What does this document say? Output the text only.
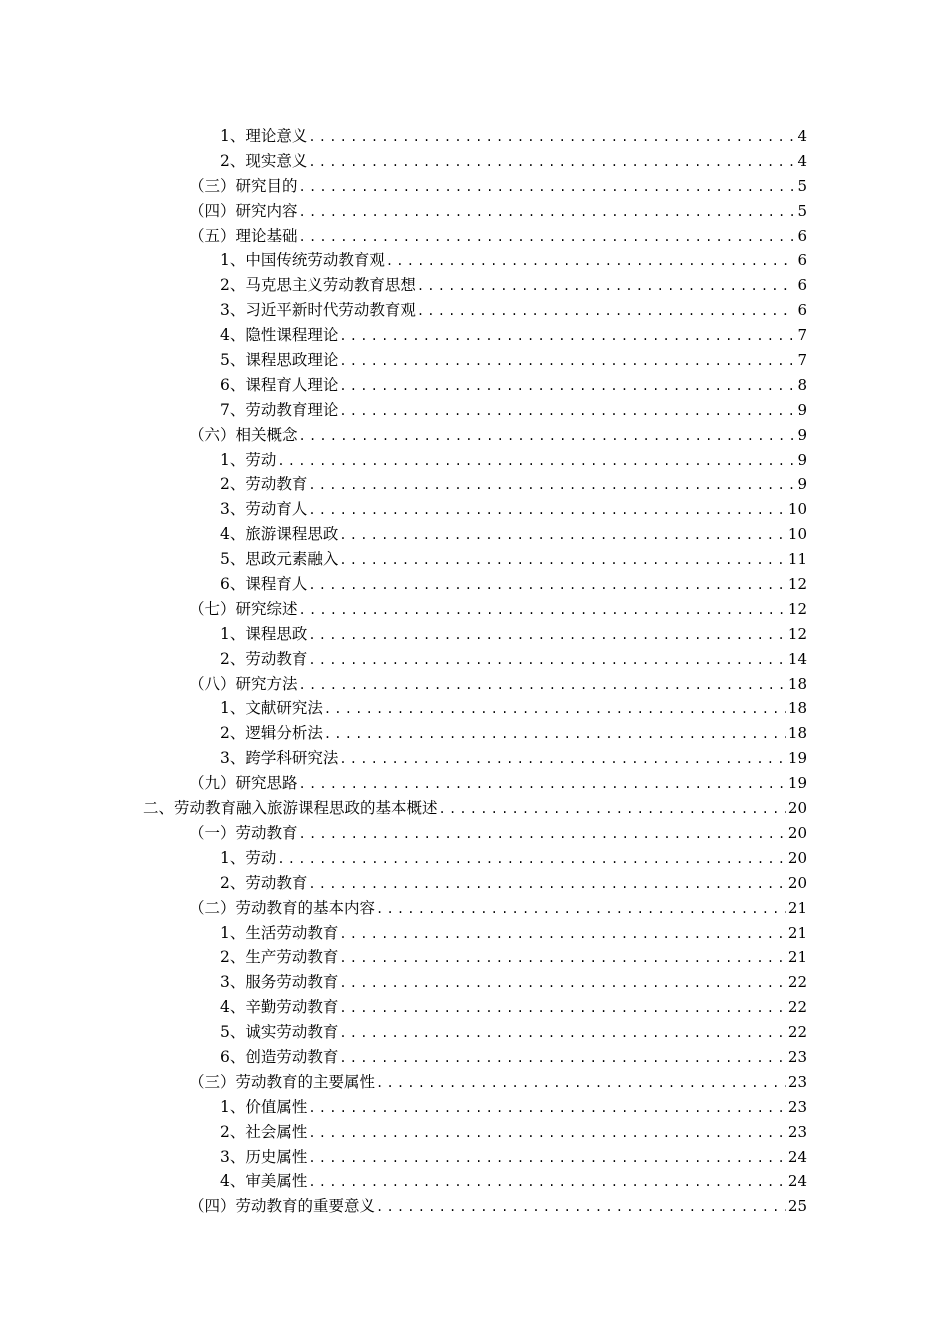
1、理论意义 .....	4
2、现实意义 .....	4
（三）研究目的 .....	5
（四）研究内容 .....	5
（五）理论基础 .....	6
1、中国传统劳动教育观 .....	6
2、马克思主义劳动教育思想 .....	6
3、习近平新时代劳动教育观 .....	6
4、隐性课程理论 .....	7
5、课程思政理论 .....	7
6、课程育人理论 .....	8
7、劳动教育理论 .....	9
（六）相关概念 .....	9
1、劳动 .....	9
2、劳动教育 .....	9
3、劳动育人 .....	10
4、旅游课程思政 .....	10
5、思政元素融入 .....	11
6、课程育人 .....	12
（七）研究综述 .....	12
1、课程思政 .....	12
2、劳动教育 .....	14
（八）研究方法 .....	18
1、文献研究法 .....	18
2、逻辑分析法 .....	18
3、跨学科研究法 .....	19
（九）研究思路 .....	19
二、劳动教育融入旅游课程思政的基本概述 .....	20
（一）劳动教育 .....	20
1、劳动 .....	20
2、劳动教育 .....	20
（二）劳动教育的基本内容 .....	21
1、生活劳动教育 .....	21
2、生产劳动教育 .....	21
3、服务劳动教育 .....	22
4、辛勤劳动教育 .....	22
5、诚实劳动教育 .....	22
6、创造劳动教育 .....	23
（三）劳动教育的主要属性 .....	23
1、价值属性 .....	23
2、社会属性 .....	23
3、历史属性 .....	24
4、审美属性 .....	24
（四）劳动教育的重要意义 .....	25
